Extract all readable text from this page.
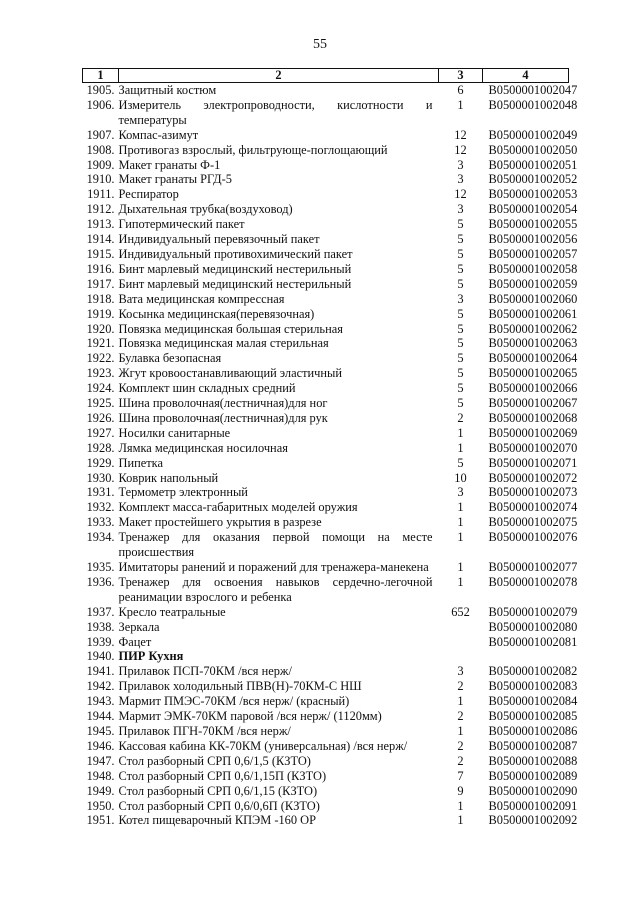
55
1	2	3	4
1905.	Защитный костюм	6	B0500001002047
1906.	Измеритель электропроводности, кислотности и температуры	1	B0500001002048
1907.	Компас-азимут	12	B0500001002049
1908.	Противогаз взрослый, фильтрующе-поглощающий	12	B0500001002050
1909.	Макет гранаты Ф-1	3	B0500001002051
1910.	Макет гранаты РГД-5	3	B0500001002052
1911.	Респиратор	12	B0500001002053
1912.	Дыхательная трубка(воздуховод)	3	B0500001002054
1913.	Гипотермический пакет	5	B0500001002055
1914.	Индивидуальный перевязочный пакет	5	B0500001002056
1915.	Индивидуальный противохимический пакет	5	B0500001002057
1916.	Бинт марлевый медицинский нестерильный	5	B0500001002058
1917.	Бинт марлевый медицинский нестерильный	5	B0500001002059
1918.	Вата медицинская компрессная	3	B0500001002060
1919.	Косынка медицинская(перевязочная)	5	B0500001002061
1920.	Повязка медицинская большая стерильная	5	B0500001002062
1921.	Повязка медицинская малая стерильная	5	B0500001002063
1922.	Булавка безопасная	5	B0500001002064
1923.	Жгут кровоостанавливающий эластичный	5	B0500001002065
1924.	Комплект шин складных средний	5	B0500001002066
1925.	Шина проволочная(лестничная)для ног	5	B0500001002067
1926.	Шина проволочная(лестничная)для рук	2	B0500001002068
1927.	Носилки санитарные	1	B0500001002069
1928.	Лямка медицинская носилочная	1	B0500001002070
1929.	Пипетка	5	B0500001002071
1930.	Коврик напольный	10	B0500001002072
1931.	Термометр электронный	3	B0500001002073
1932.	Комплект масса-габаритных моделей оружия	1	B0500001002074
1933.	Макет простейшего укрытия в разрезе	1	B0500001002075
1934.	Тренажер для оказания первой помощи на месте происшествия	1	B0500001002076
1935.	Имитаторы ранений и поражений для тренажера-манекена	1	B0500001002077
1936.	Тренажер для освоения навыков сердечно-легочной реанимации взрослого и ребенка	1	B0500001002078
1937.	Кресло театральные	652	B0500001002079
1938.	Зеркала		B0500001002080
1939.	Фацет		B0500001002081
1940.	ПИР Кухня		
1941.	Прилавок ПСП-70КМ /вся нерж/	3	B0500001002082
1942.	Прилавок холодильный ПВВ(Н)-70КМ-С НШ	2	B0500001002083
1943.	Мармит ПМЭС-70КМ /вся нерж/ (красный)	1	B0500001002084
1944.	Мармит ЭМК-70КМ паровой /вся нерж/ (1120мм)	2	B0500001002085
1945.	Прилавок ПГН-70КМ /вся нерж/	1	B0500001002086
1946.	Кассовая кабина КК-70КМ (универсальная) /вся нерж/	2	B0500001002087
1947.	Стол разборный СРП 0,6/1,5 (КЗТО)	2	B0500001002088
1948.	Стол разборный СРП 0,6/1,15П (КЗТО)	7	B0500001002089
1949.	Стол разборный СРП 0,6/1,15 (КЗТО)	9	B0500001002090
1950.	Стол разборный СРП 0,6/0,6П (КЗТО)	1	B0500001002091
1951.	Котел пищеварочный КПЭМ -160 ОР	1	B0500001002092
